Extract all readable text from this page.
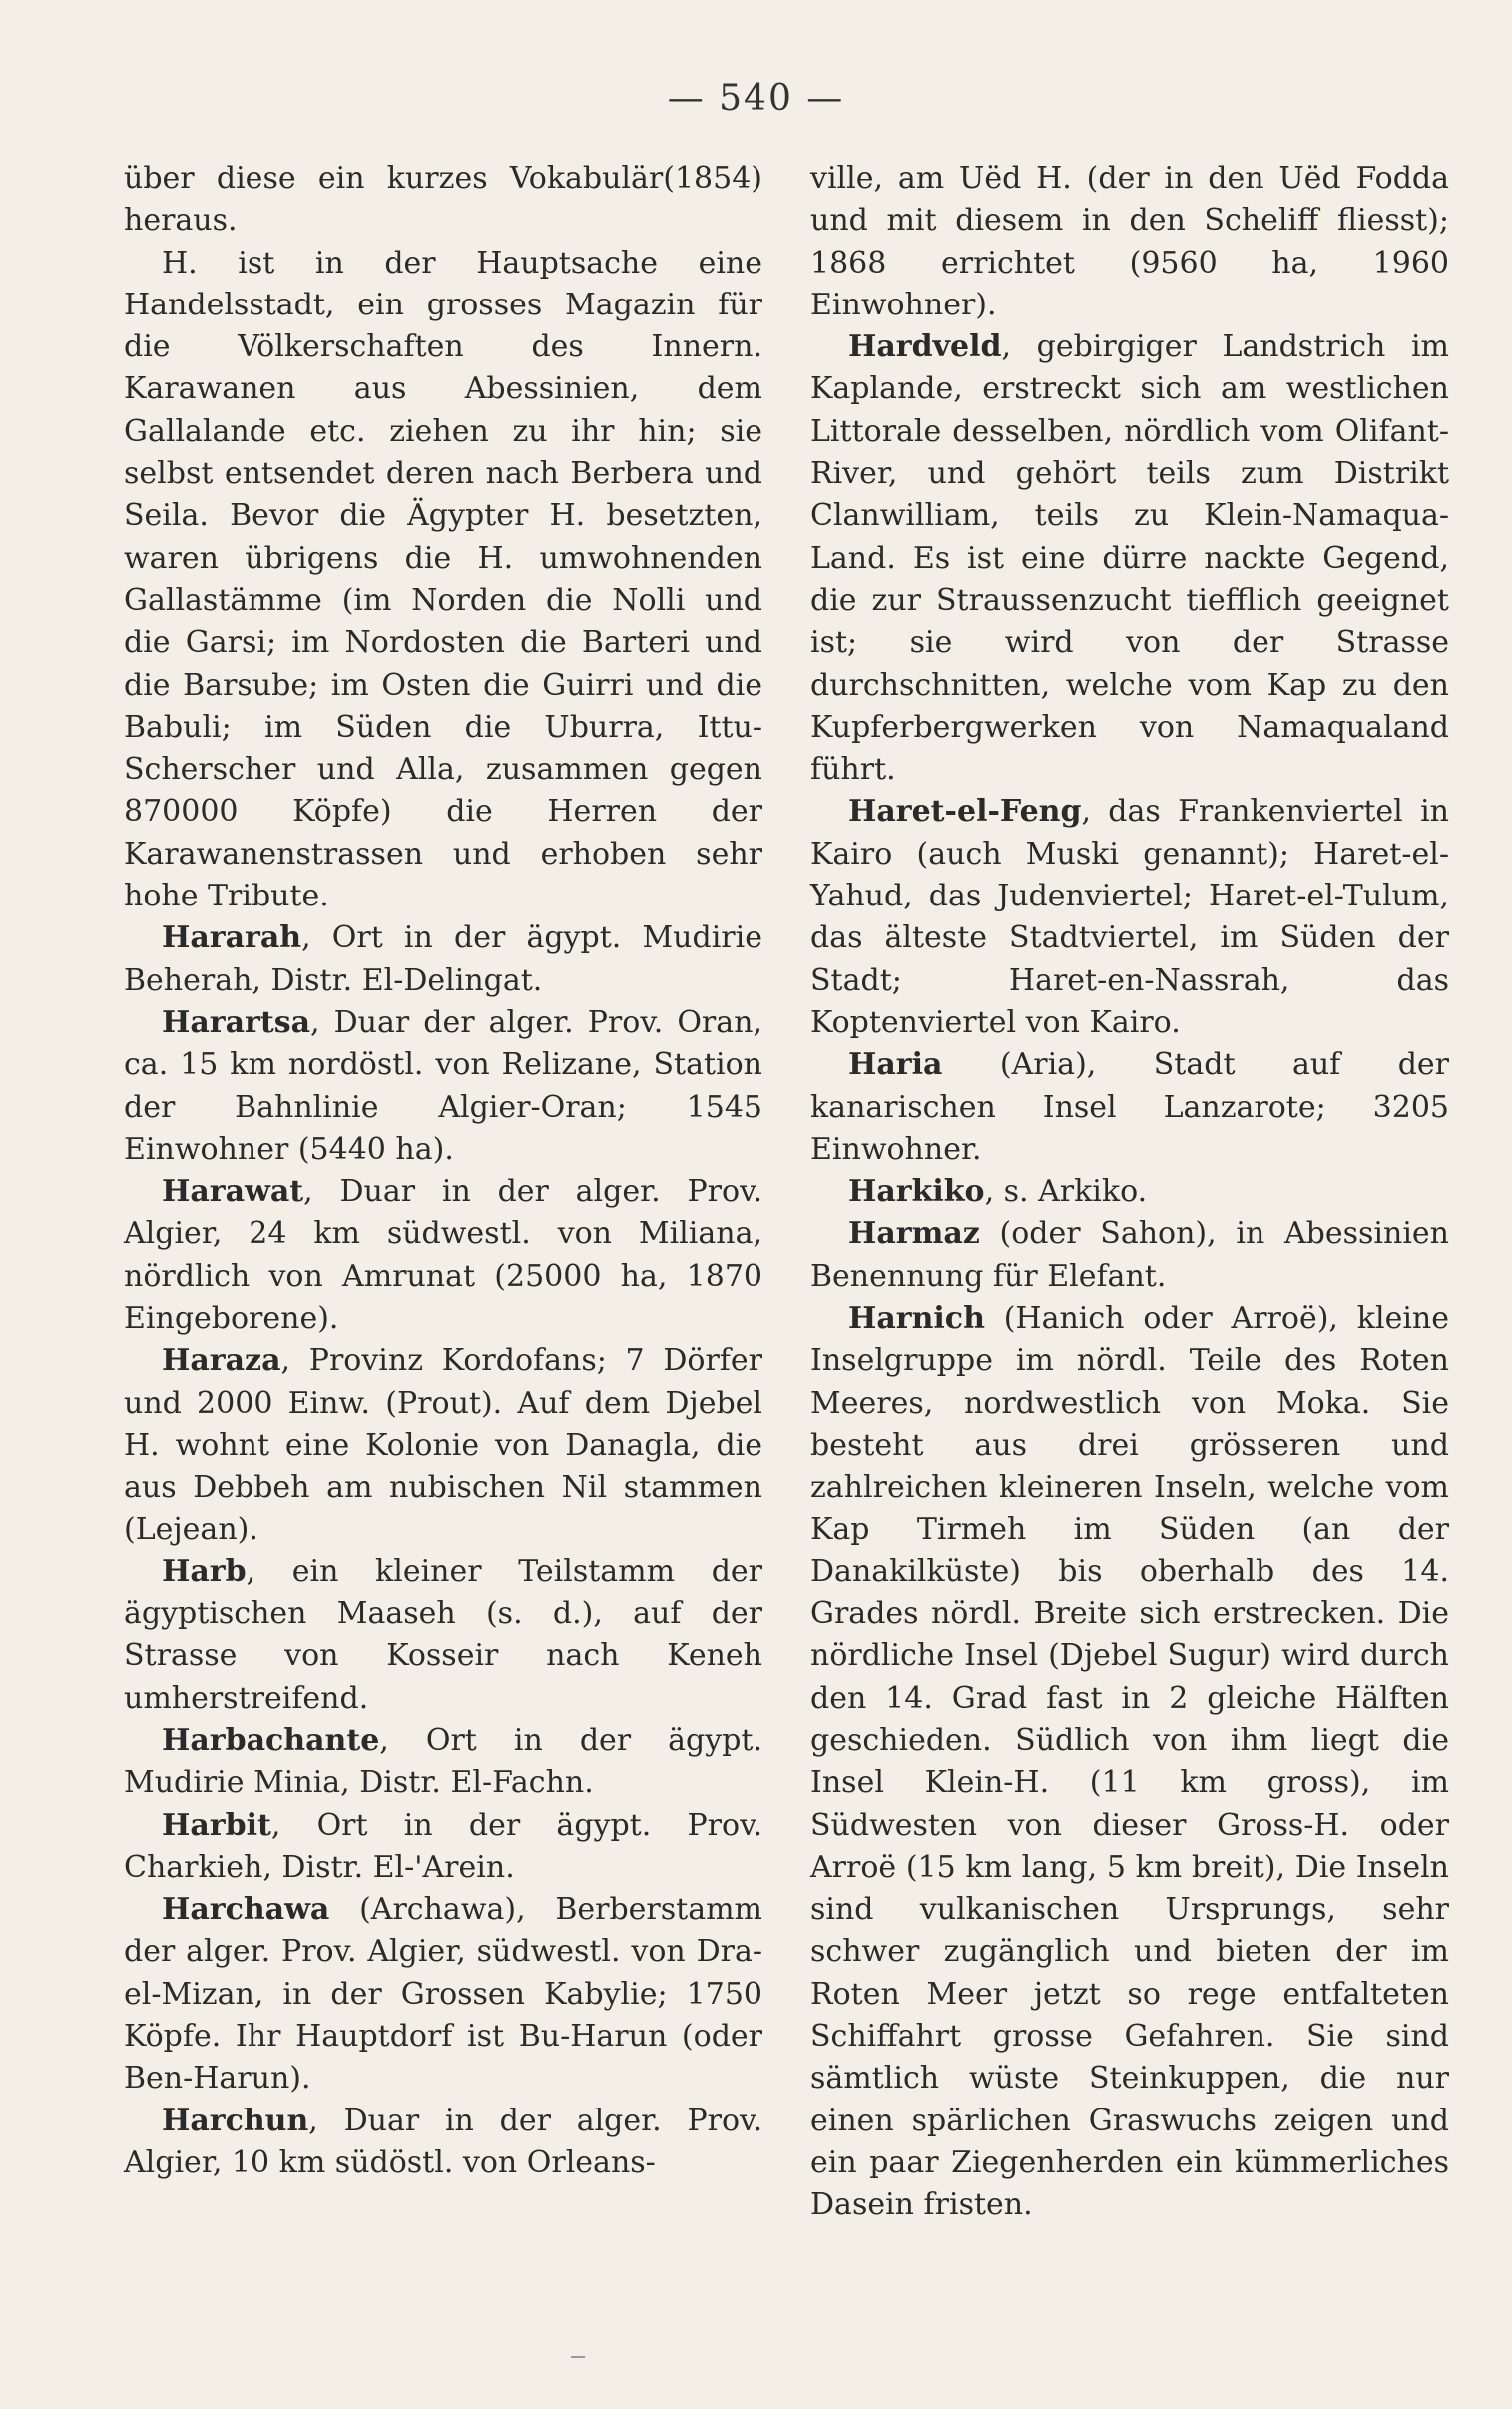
— 540 —

über diese ein kurzes Vokabulär(1854) heraus.

H. ist in der Hauptsache eine Handelsstadt, ein grosses Magazin für die Völkerschaften des Innern. Karawanen aus Abessinien, dem Gallalande etc. ziehen zu ihr hin; sie selbst entsendet deren nach Berbera und Seila. Bevor die Ägypter H. besetzten, waren übrigens die H. umwohnenden Gallastämme (im Norden die Nolli und die Garsi; im Nordosten die Barteri und die Barsube; im Osten die Guirri und die Babuli; im Süden die Uburra, Ittu-Scherscher und Alla, zusammen gegen 870000 Köpfe) die Herren der Karawanenstrassen und erhoben sehr hohe Tribute.

Hararah, Ort in der ägypt. Mudirie Beherah, Distr. El-Delingat.

Harartsa, Duar der alger. Prov. Oran, ca. 15 km nordöstl. von Relizane, Station der Bahnlinie Algier-Oran; 1545 Einwohner (5440 ha).

Harawat, Duar in der alger. Prov. Algier, 24 km südwestl. von Miliana, nördlich von Amrunat (25000 ha, 1870 Eingeborene).

Haraza, Provinz Kordofans; 7 Dörfer und 2000 Einw. (Prout). Auf dem Djebel H. wohnt eine Kolonie von Danagla, die aus Debbeh am nubischen Nil stammen (Lejean).

Harb, ein kleiner Teilstamm der ägyptischen Maaseh (s. d.), auf der Strasse von Kosseir nach Keneh umherstreifend.

Harbachante, Ort in der ägypt. Mudirie Minia, Distr. El-Fachn.

Harbit, Ort in der ägypt. Prov. Charkieh, Distr. El-'Arein.

Harchawa (Archawa), Berberstamm der alger. Prov. Algier, südwestl. von Dra-el-Mizan, in der Grossen Kabylie; 1750 Köpfe. Ihr Hauptdorf ist Bu-Harun (oder Ben-Harun).

Harchun, Duar in der alger. Prov. Algier, 10 km südöstl. von Orleans-

ville, am Uëd H. (der in den Uëd Fodda und mit diesem in den Scheliff fliesst); 1868 errichtet (9560 ha, 1960 Einwohner).

Hardveld, gebirgiger Landstrich im Kaplande, erstreckt sich am westlichen Littorale desselben, nördlich vom Olifant-River, und gehört teils zum Distrikt Clanwilliam, teils zu Klein-Namaqua-Land. Es ist eine dürre nackte Gegend, die zur Straussenzucht tiefflich geeignet ist; sie wird von der Strasse durchschnitten, welche vom Kap zu den Kupferbergwerken von Namaqualand führt.

Haret-el-Feng, das Frankenviertel in Kairo (auch Muski genannt); Haret-el-Yahud, das Judenviertel; Haret-el-Tulum, das älteste Stadtviertel, im Süden der Stadt; Haret-en-Nassrah, das Koptenviertel von Kairo.

Haria (Aria), Stadt auf der kanarischen Insel Lanzarote; 3205 Einwohner.

Harkiko, s. Arkiko.

Harmaz (oder Sahon), in Abessinien Benennung für Elefant.

Harnich (Hanich oder Arroë), kleine Inselgruppe im nördl. Teile des Roten Meeres, nordwestlich von Moka. Sie besteht aus drei grösseren und zahlreichen kleineren Inseln, welche vom Kap Tirmeh im Süden (an der Danakilküste) bis oberhalb des 14. Grades nördl. Breite sich erstrecken. Die nördliche Insel (Djebel Sugur) wird durch den 14. Grad fast in 2 gleiche Hälften geschieden. Südlich von ihm liegt die Insel Klein-H. (11 km gross), im Südwesten von dieser Gross-H. oder Arroë (15 km lang, 5 km breit), Die Inseln sind vulkanischen Ursprungs, sehr schwer zugänglich und bieten der im Roten Meer jetzt so rege entfalteten Schiffahrt grosse Gefahren. Sie sind sämtlich wüste Steinkuppen, die nur einen spärlichen Graswuchs zeigen und ein paar Ziegenherden ein kümmerliches Dasein fristen.
